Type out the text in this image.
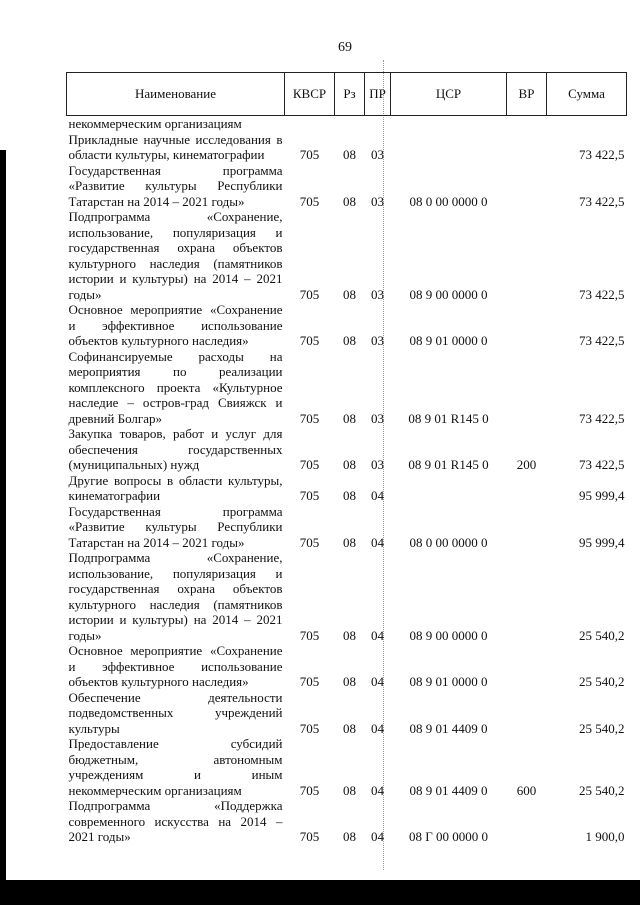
69
Наименование	КВСР	Рз	ПР	ЦСР	ВР	Сумма
некоммерческим организациям						
Прикладные научные исследования в области культуры, кинематографии	705	08	03			73 422,5
Государственная программа «Развитие культуры Республики Татарстан на 2014 – 2021 годы»	705	08	03	08 0 00 0000 0		73 422,5
Подпрограмма «Сохранение, использование, популяризация и государственная охрана объектов культурного наследия (памятников истории и культуры) на 2014 – 2021 годы»	705	08	03	08 9 00 0000 0		73 422,5
Основное мероприятие «Сохранение и эффективное использование объектов культурного наследия»	705	08	03	08 9 01 0000 0		73 422,5
Софинансируемые расходы на мероприятия по реализации комплексного проекта «Культурное наследие – остров-град Свияжск и древний Болгар»	705	08	03	08 9 01 R145 0		73 422,5
Закупка товаров, работ и услуг для обеспечения государственных (муниципальных) нужд	705	08	03	08 9 01 R145 0	200	73 422,5
Другие вопросы в области культуры, кинематографии	705	08	04			95 999,4
Государственная программа «Развитие культуры Республики Татарстан на 2014 – 2021 годы»	705	08	04	08 0 00 0000 0		95 999,4
Подпрограмма «Сохранение, использование, популяризация и государственная охрана объектов культурного наследия (памятников истории и культуры) на 2014 – 2021 годы»	705	08	04	08 9 00 0000 0		25 540,2
Основное мероприятие «Сохранение и эффективное использование объектов культурного наследия»	705	08	04	08 9 01 0000 0		25 540,2
Обеспечение деятельности подведомственных учреждений культуры	705	08	04	08 9 01 4409 0		25 540,2
Предоставление субсидий бюджетным, автономным учреждениям и иным некоммерческим организациям	705	08	04	08 9 01 4409 0	600	25 540,2
Подпрограмма «Поддержка современного искусства на 2014 – 2021 годы»	705	08	04	08 Г 00 0000 0		1 900,0
